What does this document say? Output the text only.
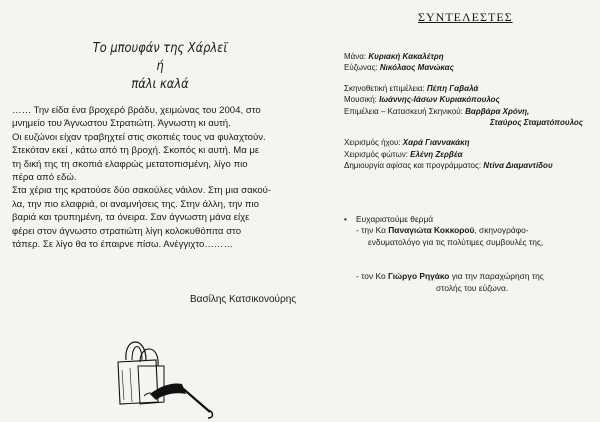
Το μπουφάν της Χάρλεϊ
ή
πάλι καλά

…… Την είδα ένα βροχερό βράδυ, χειμώνας του 2004, στο

μνημείο του Άγνωστου Στρατιώτη. Άγνωστη κι αυτή.

Οι ευζώνοι είχαν τραβηχτεί στις σκοπιές τους να φυλαχτούν.

Στεκόταν εκεί , κάτω από τη βροχή. Σκοπός κι αυτή. Μα με

τη δική της τη σκοπιά ελαφρώς μετατοπισμένη, λίγο πιο

πέρα από εδώ.

Στα χέρια της κρατούσε δύο σακούλες νάιλον. Στη μια σακού-

λα, την πιο ελαφριά, οι αναμνήσεις της. Στην άλλη, την πιο

βαριά και τρυπημένη, τα όνειρα. Σαν άγνωστη μάνα είχε

φέρει στον άγνωστο στρατιώτη λίγη κολοκυθόπιτα στο

τάπερ. Σε λίγο θα το έπαιρνε πίσω. Ανέγγιχτο………

Βασίλης Κατσικονούρης
ΣΥΝΤΕΛΕΣΤΕΣ
Μάνα: Κυριακή Κακαλέτρη
Εύζωνας: Νικόλαος Μανώκας
Σκηνοθετική επιμέλεια: Πέπη Γαβαλά
Μουσική: Ιωάννης-Ιάσων Κυριακόπουλος
Επιμέλεια – Κατασκευή Σκηνικού: Βαρβάρα Χρόνη,
Σταύρος Σταματόπουλος
Χειρισμός ήχου: Χαρά Γιαννακάκη
Χειρισμός φώτων: Ελένη Ζερβέα
Δημιουργία αφίσας και προγράμματος: Ντίνα Διαμαντίδου
• Ευχαριστούμε θερμά
- την Κα Παναγιώτα Κοκκορού, σκηνογράφο-
ενδυματολόγο για τις πολύτιμες συμβουλές της,
- τον Κο Γιώργο Ρηγάκο για την παραχώρηση της
στολής του εύζωνα.
